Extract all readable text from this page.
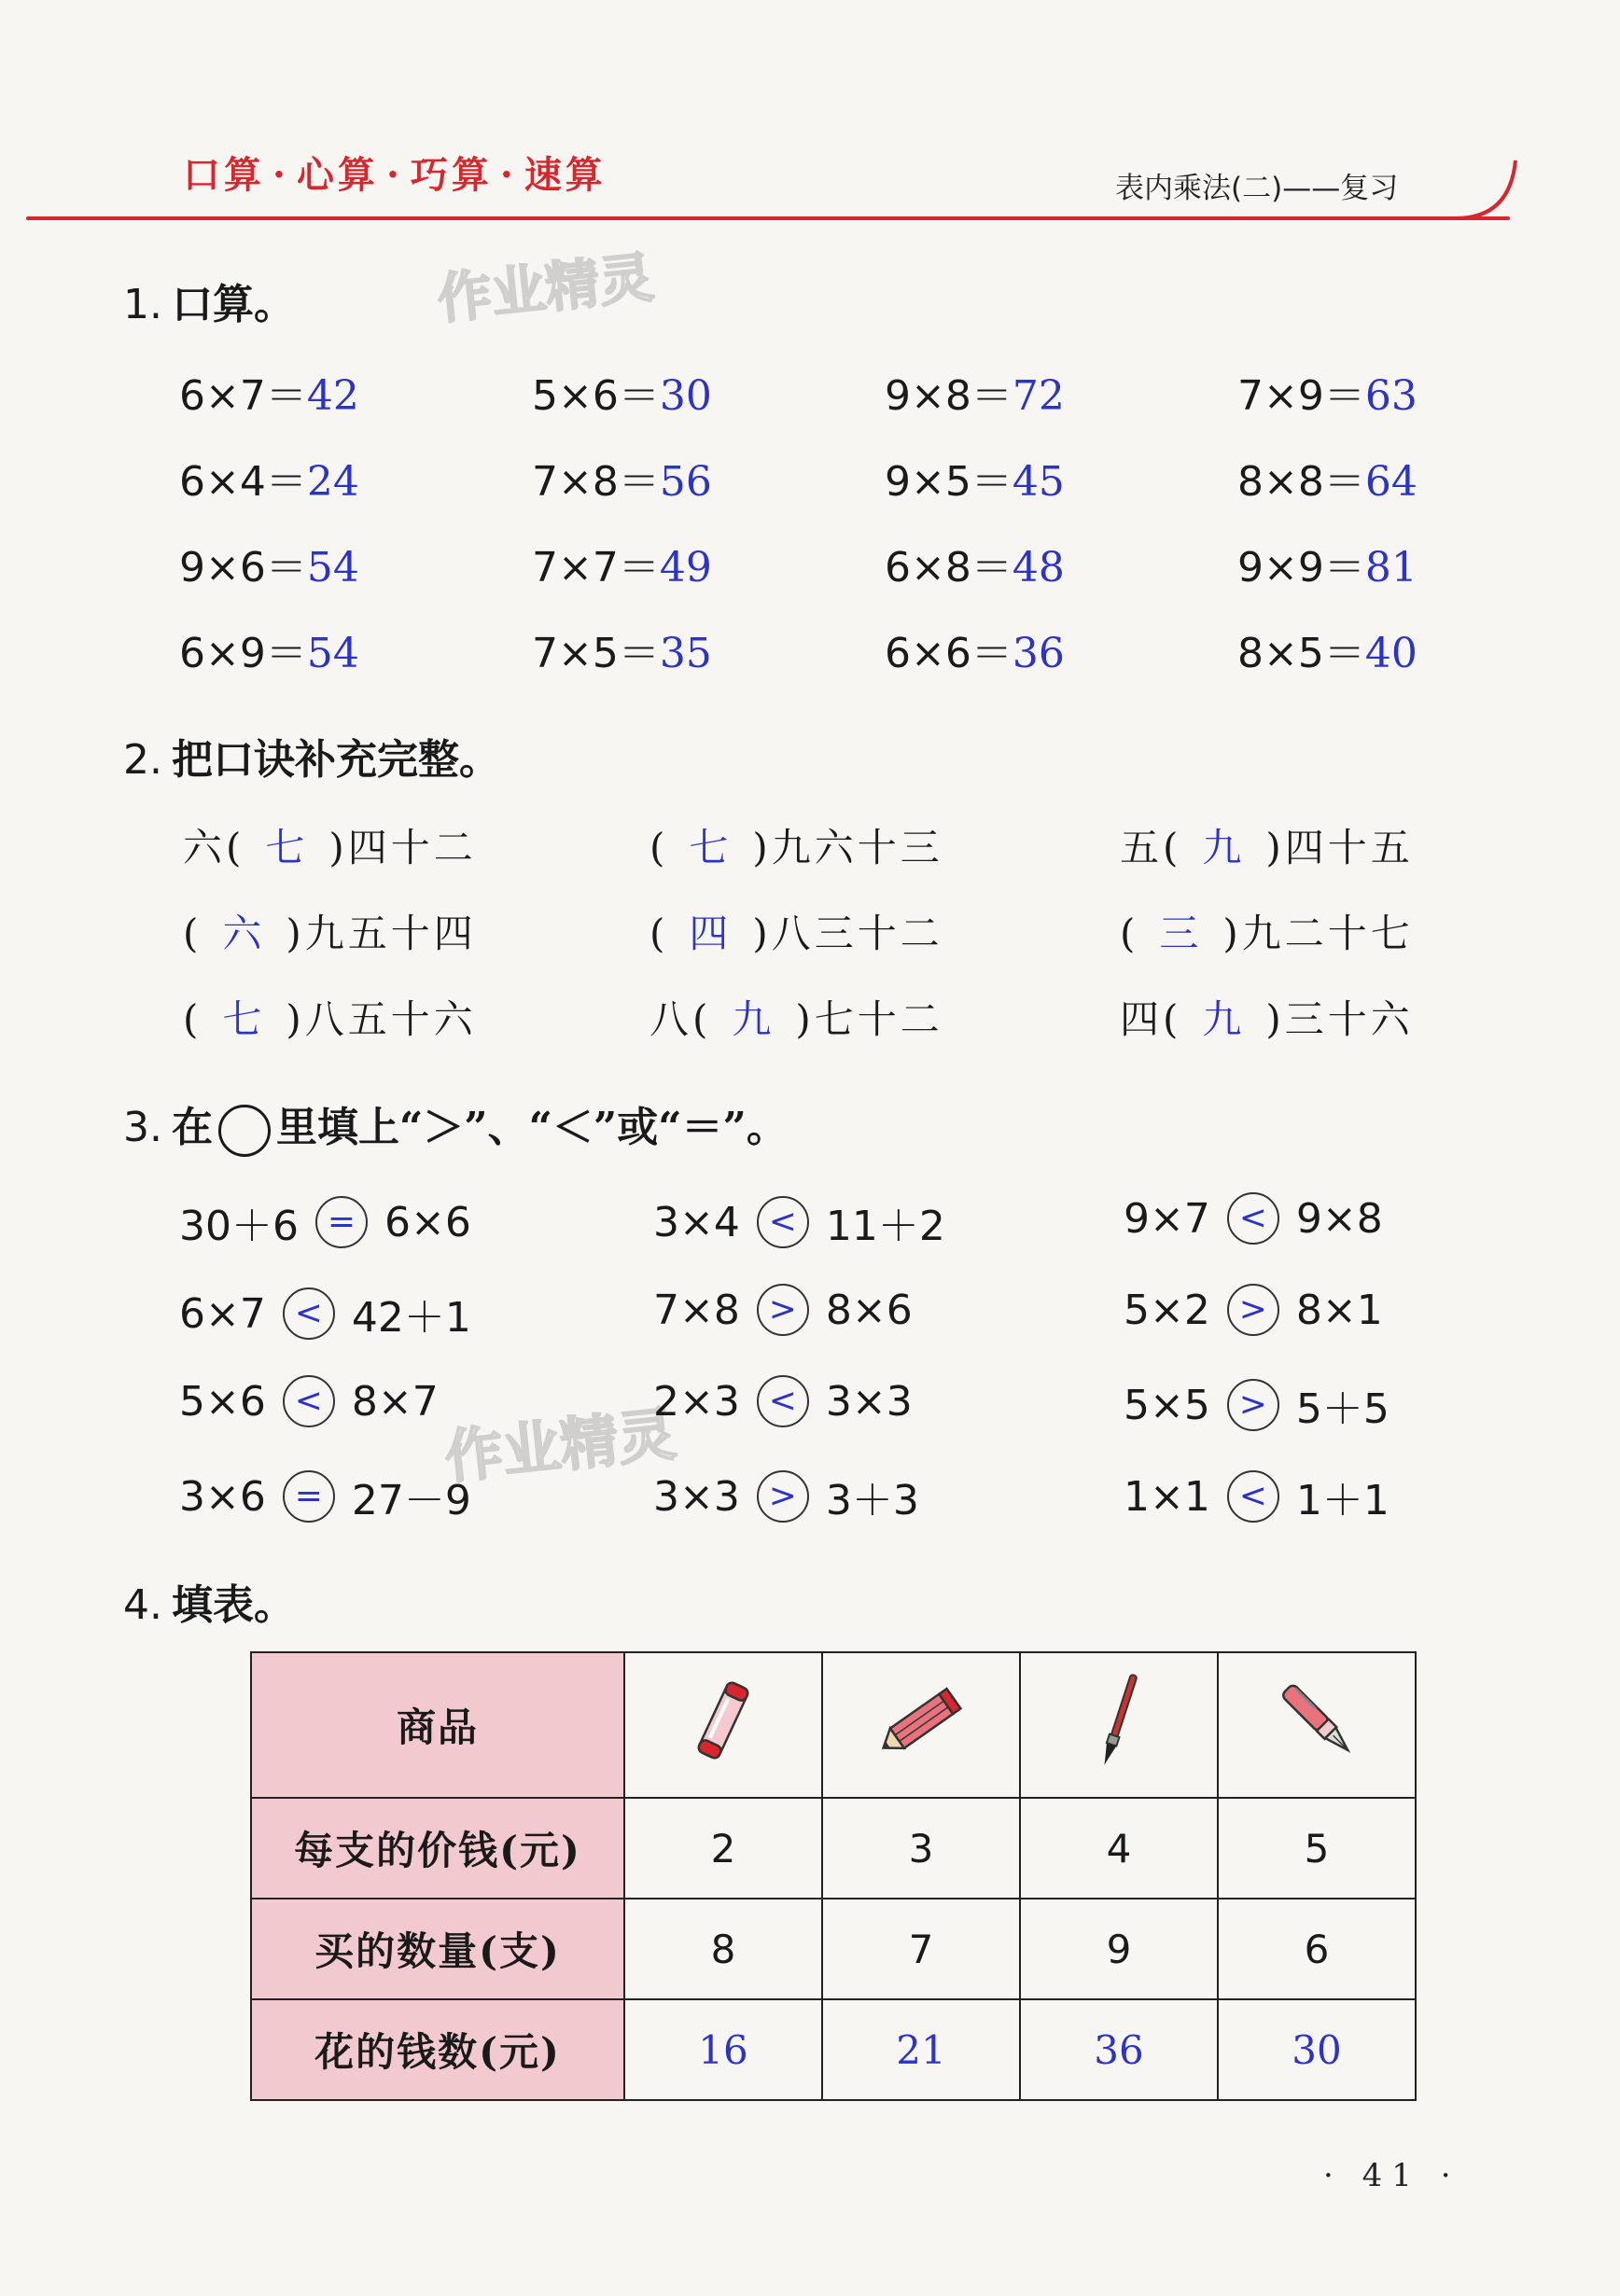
口算 · 心算 · 巧算 · 速算	表内乘法(二)——复习
作业精灵
作业精灵
1. 口算。
6×7＝42	5×6＝30	9×8＝72	7×9＝63
6×4＝24	7×8＝56	9×5＝45	8×8＝64
9×6＝54	7×7＝49	6×8＝48	9×9＝81
6×9＝54	7×5＝35	6×6＝36	8×5＝40
2. 把口诀补充完整。
六( 七 )四十二	( 七 )九六十三	五( 九 )四十五
( 六 )九五十四	( 四 )八三十二	( 三 )九二十七
( 七 )八五十六	八( 九 )七十二	四( 九 )三十六
3. 在 里填上“＞”、“＜”或“＝”。
30＋6 = 6×6	3×4 < 11＋2	9×7 < 9×8
6×7 < 42＋1	7×8 > 8×6	5×2 > 8×1
5×6 < 8×7	2×3 < 3×3	5×5 > 5＋5
3×6 = 27－9	3×3 > 3＋3	1×1 < 1＋1
4. 填表。
商品				
每支的价钱(元)	2	3	4	5
买的数量(支)	8	7	9	6
花的钱数(元)	16	21	36	30
· 41 ·
